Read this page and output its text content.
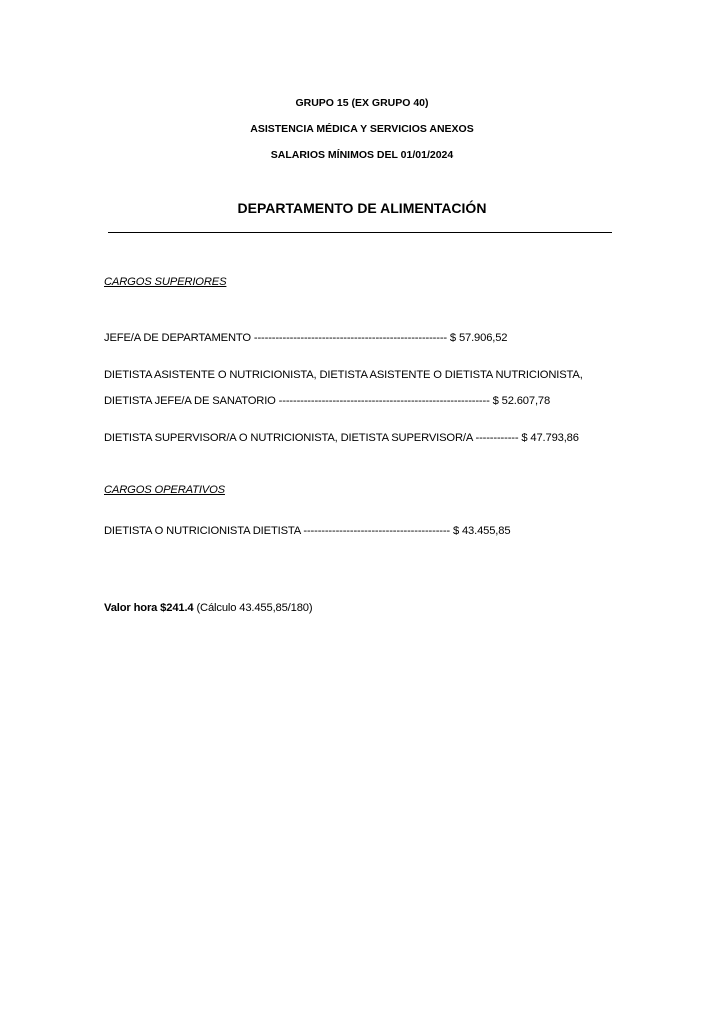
GRUPO 15 (EX GRUPO 40)
ASISTENCIA MÉDICA Y SERVICIOS ANEXOS
SALARIOS MÍNIMOS DEL 01/01/2024
DEPARTAMENTO DE ALIMENTACIÓN
CARGOS SUPERIORES
JEFE/A DE DEPARTAMENTO ------------------------------------------------------ $ 57.906,52
DIETISTA ASISTENTE O NUTRICIONISTA, DIETISTA ASISTENTE O DIETISTA NUTRICIONISTA,
DIETISTA JEFE/A DE SANATORIO ----------------------------------------------------------- $ 52.607,78
DIETISTA SUPERVISOR/A O NUTRICIONISTA, DIETISTA SUPERVISOR/A ------------ $ 47.793,86
CARGOS OPERATIVOS
DIETISTA O NUTRICIONISTA DIETISTA ----------------------------------------- $ 43.455,85
Valor hora $241.4 (Cálculo 43.455,85/180)
